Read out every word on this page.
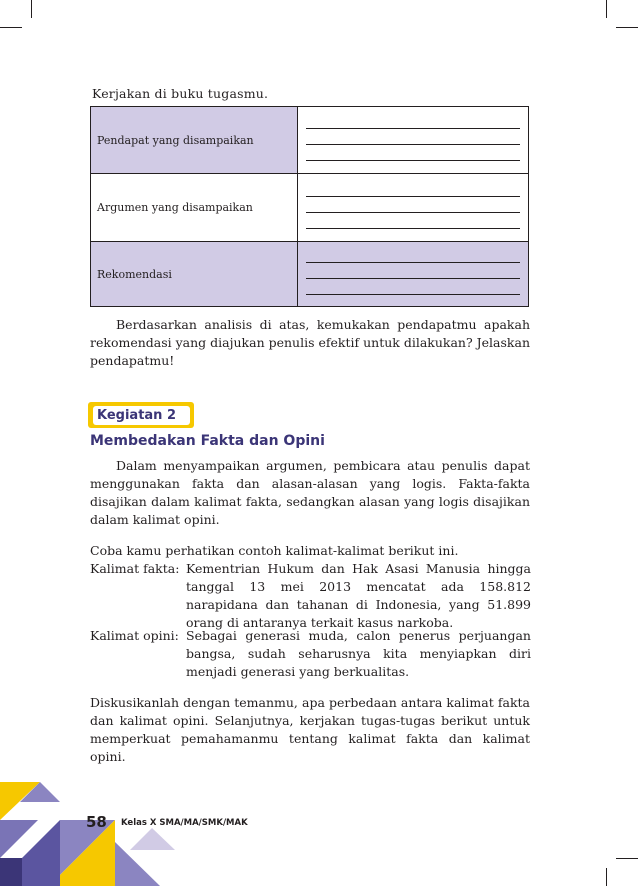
Kerjakan di buku tugasmu.
Pendapat yang disampaikan	

Argumen yang disampaikan	

Rekomendasi	
Berdasarkan analisis di atas, kemukakan pendapatmu apakah rekomendasi yang diajukan penulis efektif untuk dilakukan? Jelaskan pendapatmu!
Kegiatan 2
Membedakan Fakta dan Opini
Dalam menyampaikan argumen, pembicara atau penulis dapat menggunakan fakta dan alasan-alasan yang logis. Fakta-fakta disajikan dalam kalimat fakta, sedangkan alasan yang logis disajikan dalam kalimat opini.
Coba kamu perhatikan contoh kalimat-kalimat berikut ini.
Kalimat fakta: Kementrian Hukum dan Hak Asasi Manusia hingga tanggal 13 mei 2013 mencatat ada 158.812 narapidana dan tahanan di Indonesia, yang 51.899 orang di antaranya terkait kasus narkoba.
Kalimat opini: Sebagai generasi muda, calon penerus perjuangan bangsa, sudah seharusnya kita menyiapkan diri menjadi generasi yang berkualitas.
Diskusikanlah dengan temanmu, apa perbedaan antara kalimat fakta dan kalimat opini. Selanjutnya, kerjakan tugas-tugas berikut untuk memperkuat pemahamanmu tentang kalimat fakta dan kalimat opini.
58 Kelas X SMA/MA/SMK/MAK
